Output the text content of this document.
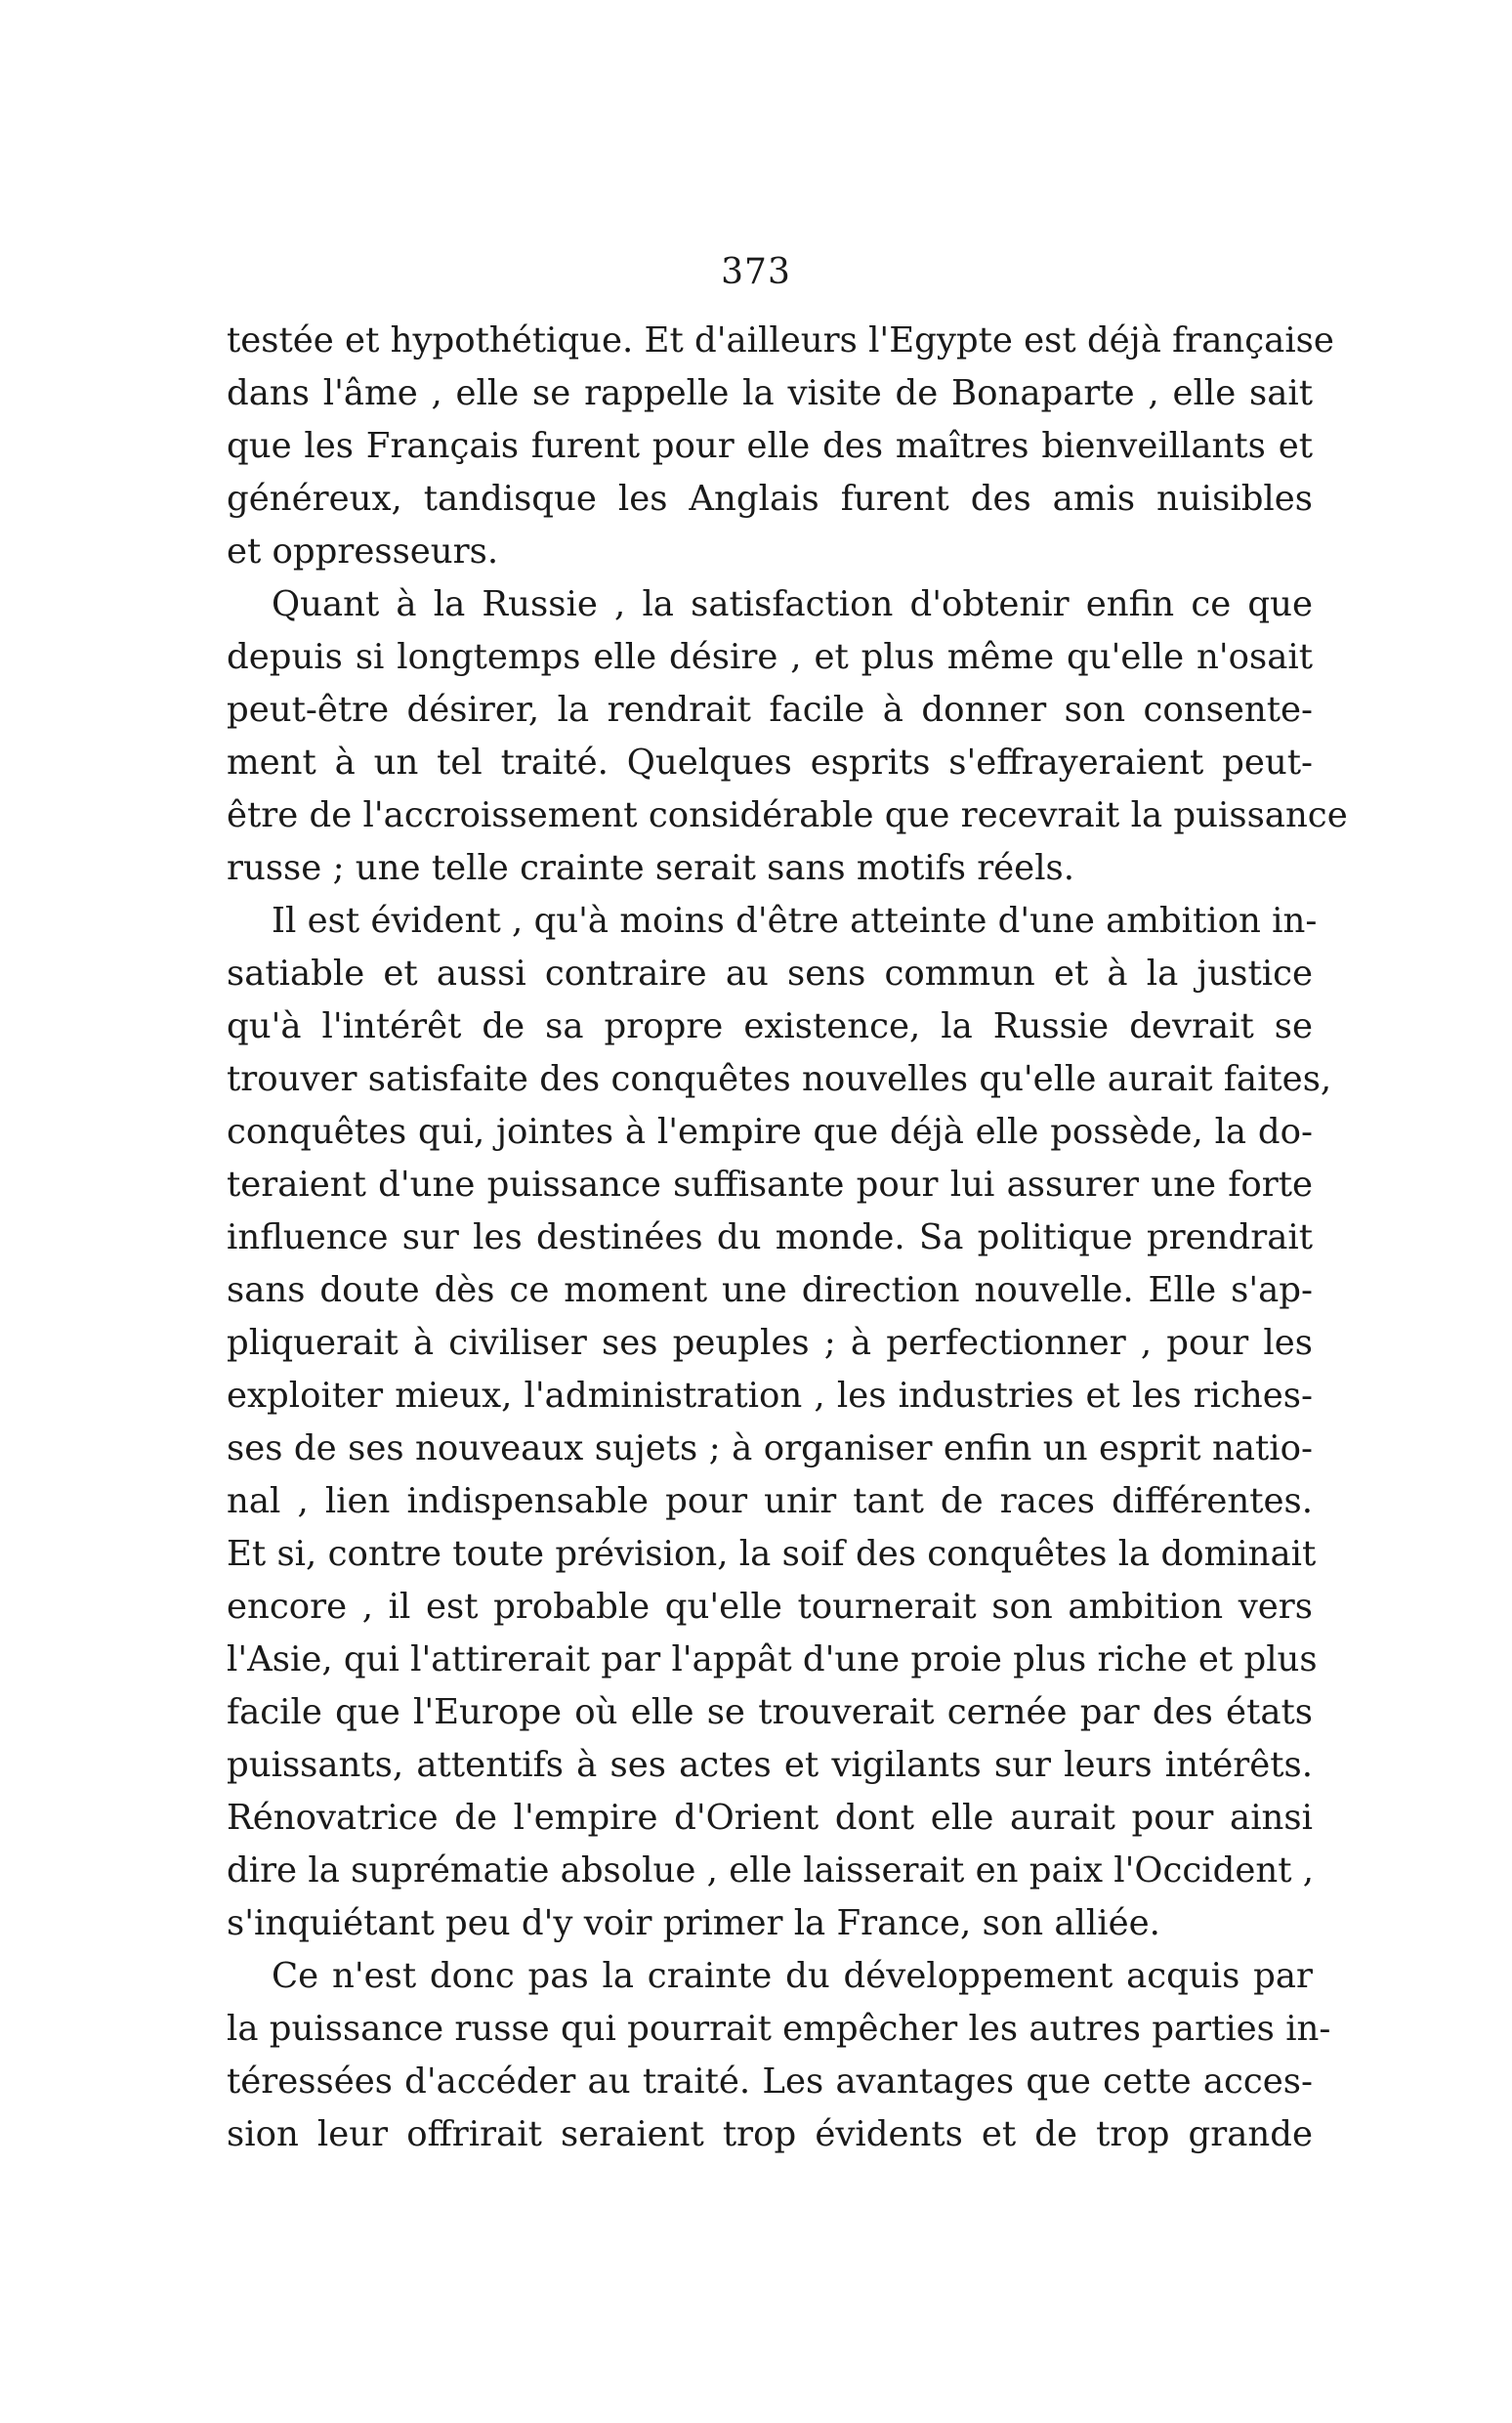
373
testée et hypothétique. Et d'ailleurs l'Egypte est déjà française
dans l'âme , elle se rappelle la visite de Bonaparte , elle sait
que les Français furent pour elle des maîtres bienveillants et
généreux, tandisque les Anglais furent des amis nuisibles
et oppresseurs.
Quant à la Russie , la satisfaction d'obtenir enfin ce que
depuis si longtemps elle désire , et plus même qu'elle n'osait
peut-être désirer, la rendrait facile à donner son consente-
ment à un tel traité. Quelques esprits s'effrayeraient peut-
être de l'accroissement considérable que recevrait la puissance
russe ; une telle crainte serait sans motifs réels.
Il est évident , qu'à moins d'être atteinte d'une ambition in-
satiable et aussi contraire au sens commun et à la justice
qu'à l'intérêt de sa propre existence, la Russie devrait se
trouver satisfaite des conquêtes nouvelles qu'elle aurait faites,
conquêtes qui, jointes à l'empire que déjà elle possède, la do-
teraient d'une puissance suffisante pour lui assurer une forte
influence sur les destinées du monde. Sa politique prendrait
sans doute dès ce moment une direction nouvelle. Elle s'ap-
pliquerait à civiliser ses peuples ; à perfectionner , pour les
exploiter mieux, l'administration , les industries et les riches-
ses de ses nouveaux sujets ; à organiser enfin un esprit natio-
nal , lien indispensable pour unir tant de races différentes.
Et si, contre toute prévision, la soif des conquêtes la dominait
encore , il est probable qu'elle tournerait son ambition vers
l'Asie, qui l'attirerait par l'appât d'une proie plus riche et plus
facile que l'Europe où elle se trouverait cernée par des états
puissants, attentifs à ses actes et vigilants sur leurs intérêts.
Rénovatrice de l'empire d'Orient dont elle aurait pour ainsi
dire la suprématie absolue , elle laisserait en paix l'Occident ,
s'inquiétant peu d'y voir primer la France, son alliée.
Ce n'est donc pas la crainte du développement acquis par
la puissance russe qui pourrait empêcher les autres parties in-
téressées d'accéder au traité. Les avantages que cette acces-
sion leur offrirait seraient trop évidents et de trop grande
